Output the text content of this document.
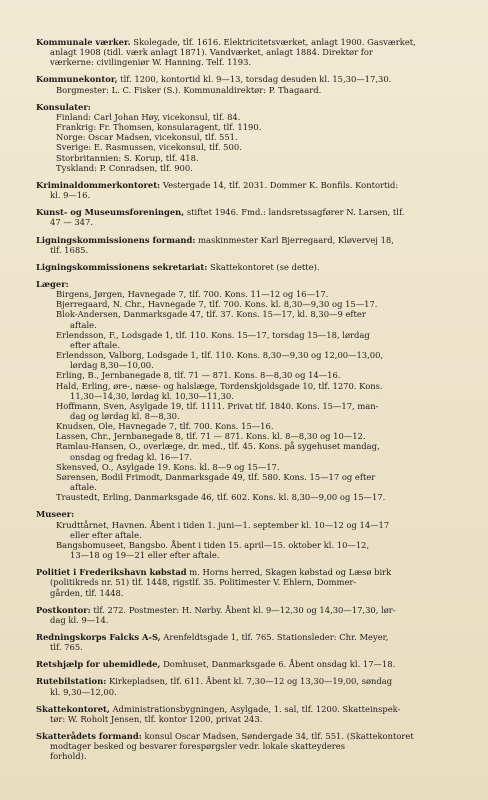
Kommunale værker. Skolegade, tlf. 1616. Elektricitetsværket, anlagt 1900. Gasværket,
anlagt 1908 (tidl. værk anlagt 1871). Vandværket, anlagt 1884. Direktør for
værkerne: civilingeniør W. Hanning. Telf. 1193.
Kommunekontor, tlf. 1200, kontortid kl. 9—13, torsdag desuden kl. 15,30—17,30.
Borgmester: L. C. Fisker (S.). Kommunaldirektør: P. Thagaard.
Konsulater:
Finland: Carl Johan Høy, vicekonsul, tlf. 84.
Frankrig: Fr. Thomsen, konsularagent, tlf. 1190.
Norge: Oscar Madsen, vicekonsul, tlf. 551.
Sverige: E. Rasmussen, vicekonsul, tlf. 500.
Storbritannien: S. Korup, tlf. 418.
Tyskland: P. Conradsen, tlf. 900.
Kriminaldommerkontoret: Vestergade 14, tlf. 2031. Dommer K. Bonfils. Kontortid:
kl. 9—16.
Kunst- og Museumsforeningen, stiftet 1946. Fmd.: landsretssagfører N. Larsen, tlf.
47 — 347.
Ligningskommissionens formand: maskinmester Karl Bjerregaard, Kløvervej 18,
tlf. 1685.
Ligningskommissionens sekretariat: Skattekontoret (se dette).
Læger:
Birgens, Jørgen, Havnegade 7, tlf. 700. Kons. 11—12 og 16—17.
Bjerregaard, N. Chr., Havnegade 7, tlf. 700. Kons. kl. 8,30—9,30 og 15—17.
Blok-Andersen, Danmarksgade 47, tlf. 37. Kons. 15—17, kl. 8,30—9 efter
aftale.
Erlendsson, F., Lodsgade 1, tlf. 110. Kons. 15—17, torsdag 15—18, lørdag
efter aftale.
Erlendsson, Valborg, Lodsgade 1, tlf. 110. Kons. 8,30—9,30 og 12,00—13,00,
lørdag 8,30—10,00.
Erling, B., Jernbanegade 8, tlf. 71 — 871. Kons. 8—8,30 og 14—16.
Hald, Erling, øre-, næse- og halslæge, Tordenskjoldsgade 10, tlf. 1270. Kons.
11,30—14,30, lørdag kl. 10,30—11,30.
Hoffmann, Sven, Asylgade 19, tlf. 1111. Privat tlf. 1840. Kons. 15—17, man-
dag og lørdag kl. 8—8,30.
Knudsen, Ole, Havnegade 7, tlf. 700. Kons. 15—16.
Lassen, Chr., Jernbanegade 8, tlf. 71 — 871. Kons. kl. 8—8,30 og 10—12.
Ramlau-Hansen, O., overlæge, dr. med., tlf. 45. Kons. på sygehuset mandag,
onsdag og fredag kl. 16—17.
Skensved, O., Asylgade 19. Kons. kl. 8—9 og 15—17.
Sørensen, Bodil Frimodt, Danmarksgade 49, tlf. 580. Kons. 15—17 og efter
aftale.
Traustedt, Erling, Danmarksgade 46, tlf. 602. Kons. kl. 8,30—9,00 og 15—17.
Museer:
Krudttårnet, Havnen. Åbent i tiden 1. juni—1. september kl. 10—12 og 14—17
eller efter aftale.
Bangsbomuseet, Bangsbo. Åbent i tiden 15. april—15. oktober kl. 10—12,
13—18 og 19—21 eller efter aftale.
Politiet i Frederikshavn købstad m. Horns herred, Skagen købstad og Læsø birk
(politikreds nr. 51) tlf. 1448, rigstlf. 35. Politimester V. Ehlern, Dommer-
gården, tlf. 1448.
Postkontor: tlf. 272. Postmester: H. Nørby. Åbent kl. 9—12,30 og 14,30—17,30, lør-
dag kl. 9—14.
Redningskorps Falcks A-S, Arenfeldtsgade 1, tlf. 765. Stationsleder: Chr. Meyer,
tlf. 765.
Retshjælp for ubemidlede, Domhuset, Danmarksgade 6. Åbent onsdag kl. 17—18.
Rutebilstation: Kirkepladsen, tlf. 611. Åbent kl. 7,30—12 og 13,30—19,00, søndag
kl. 9,30—12,00.
Skattekontoret, Administrationsbygningen, Asylgade, 1. sal, tlf. 1200. Skatteinspek-
tør: W. Roholt Jensen, tlf. kontor 1200, privat 243.
Skatterådets formand: konsul Oscar Madsen, Søndergade 34, tlf. 551. (Skattekontoret
modtager besked og besvarer forespørgsler vedr. lokale skatteyderes
forhold).
